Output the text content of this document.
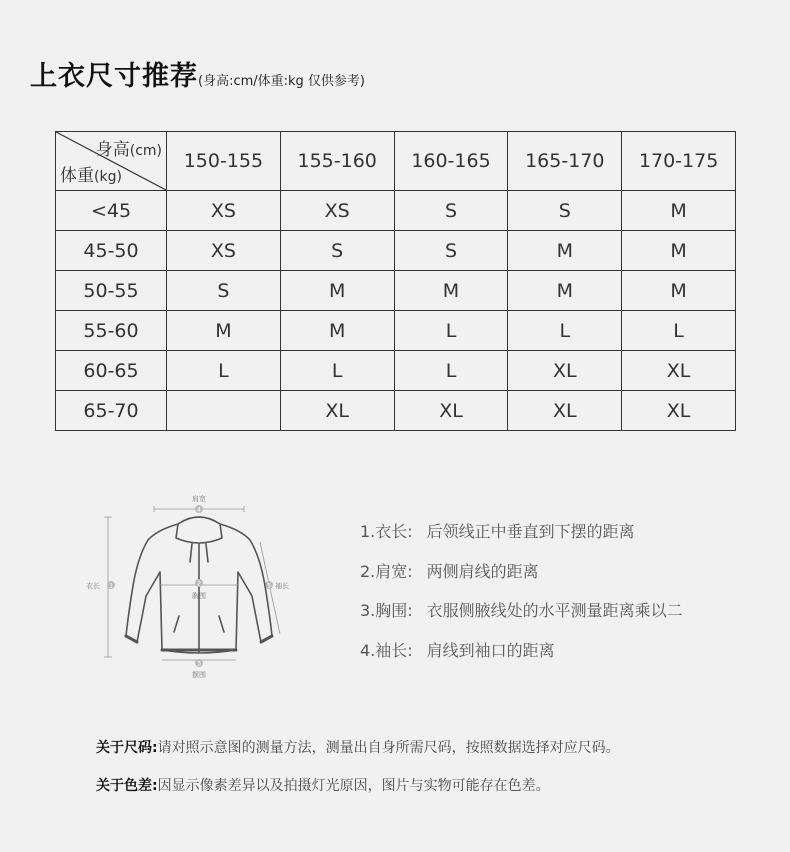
上衣尺寸推荐(身高:cm/体重:kg 仅供参考)
身高(cm)
体重(kg)	150-155	155-160	160-165	165-170	170-175
<45	XS	XS	S	S	M
45-50	XS	S	S	M	M
50-55	S	M	M	M	M
55-60	M	M	L	L	L
60-65	L	L	L	XL	XL
65-70		XL	XL	XL	XL
4
肩宽
1
衣长	5 袖长
2
胸围
3
摆围
1.衣长: 后领线正中垂直到下摆的距离
2.肩宽: 两侧肩线的距离
3.胸围: 衣服侧腋线处的水平测量距离乘以二
4.袖长: 肩线到袖口的距离
关于尺码:请对照示意图的测量方法，测量出自身所需尺码，按照数据选择对应尺码。
关于色差:因显示像素差异以及拍摄灯光原因，图片与实物可能存在色差。
